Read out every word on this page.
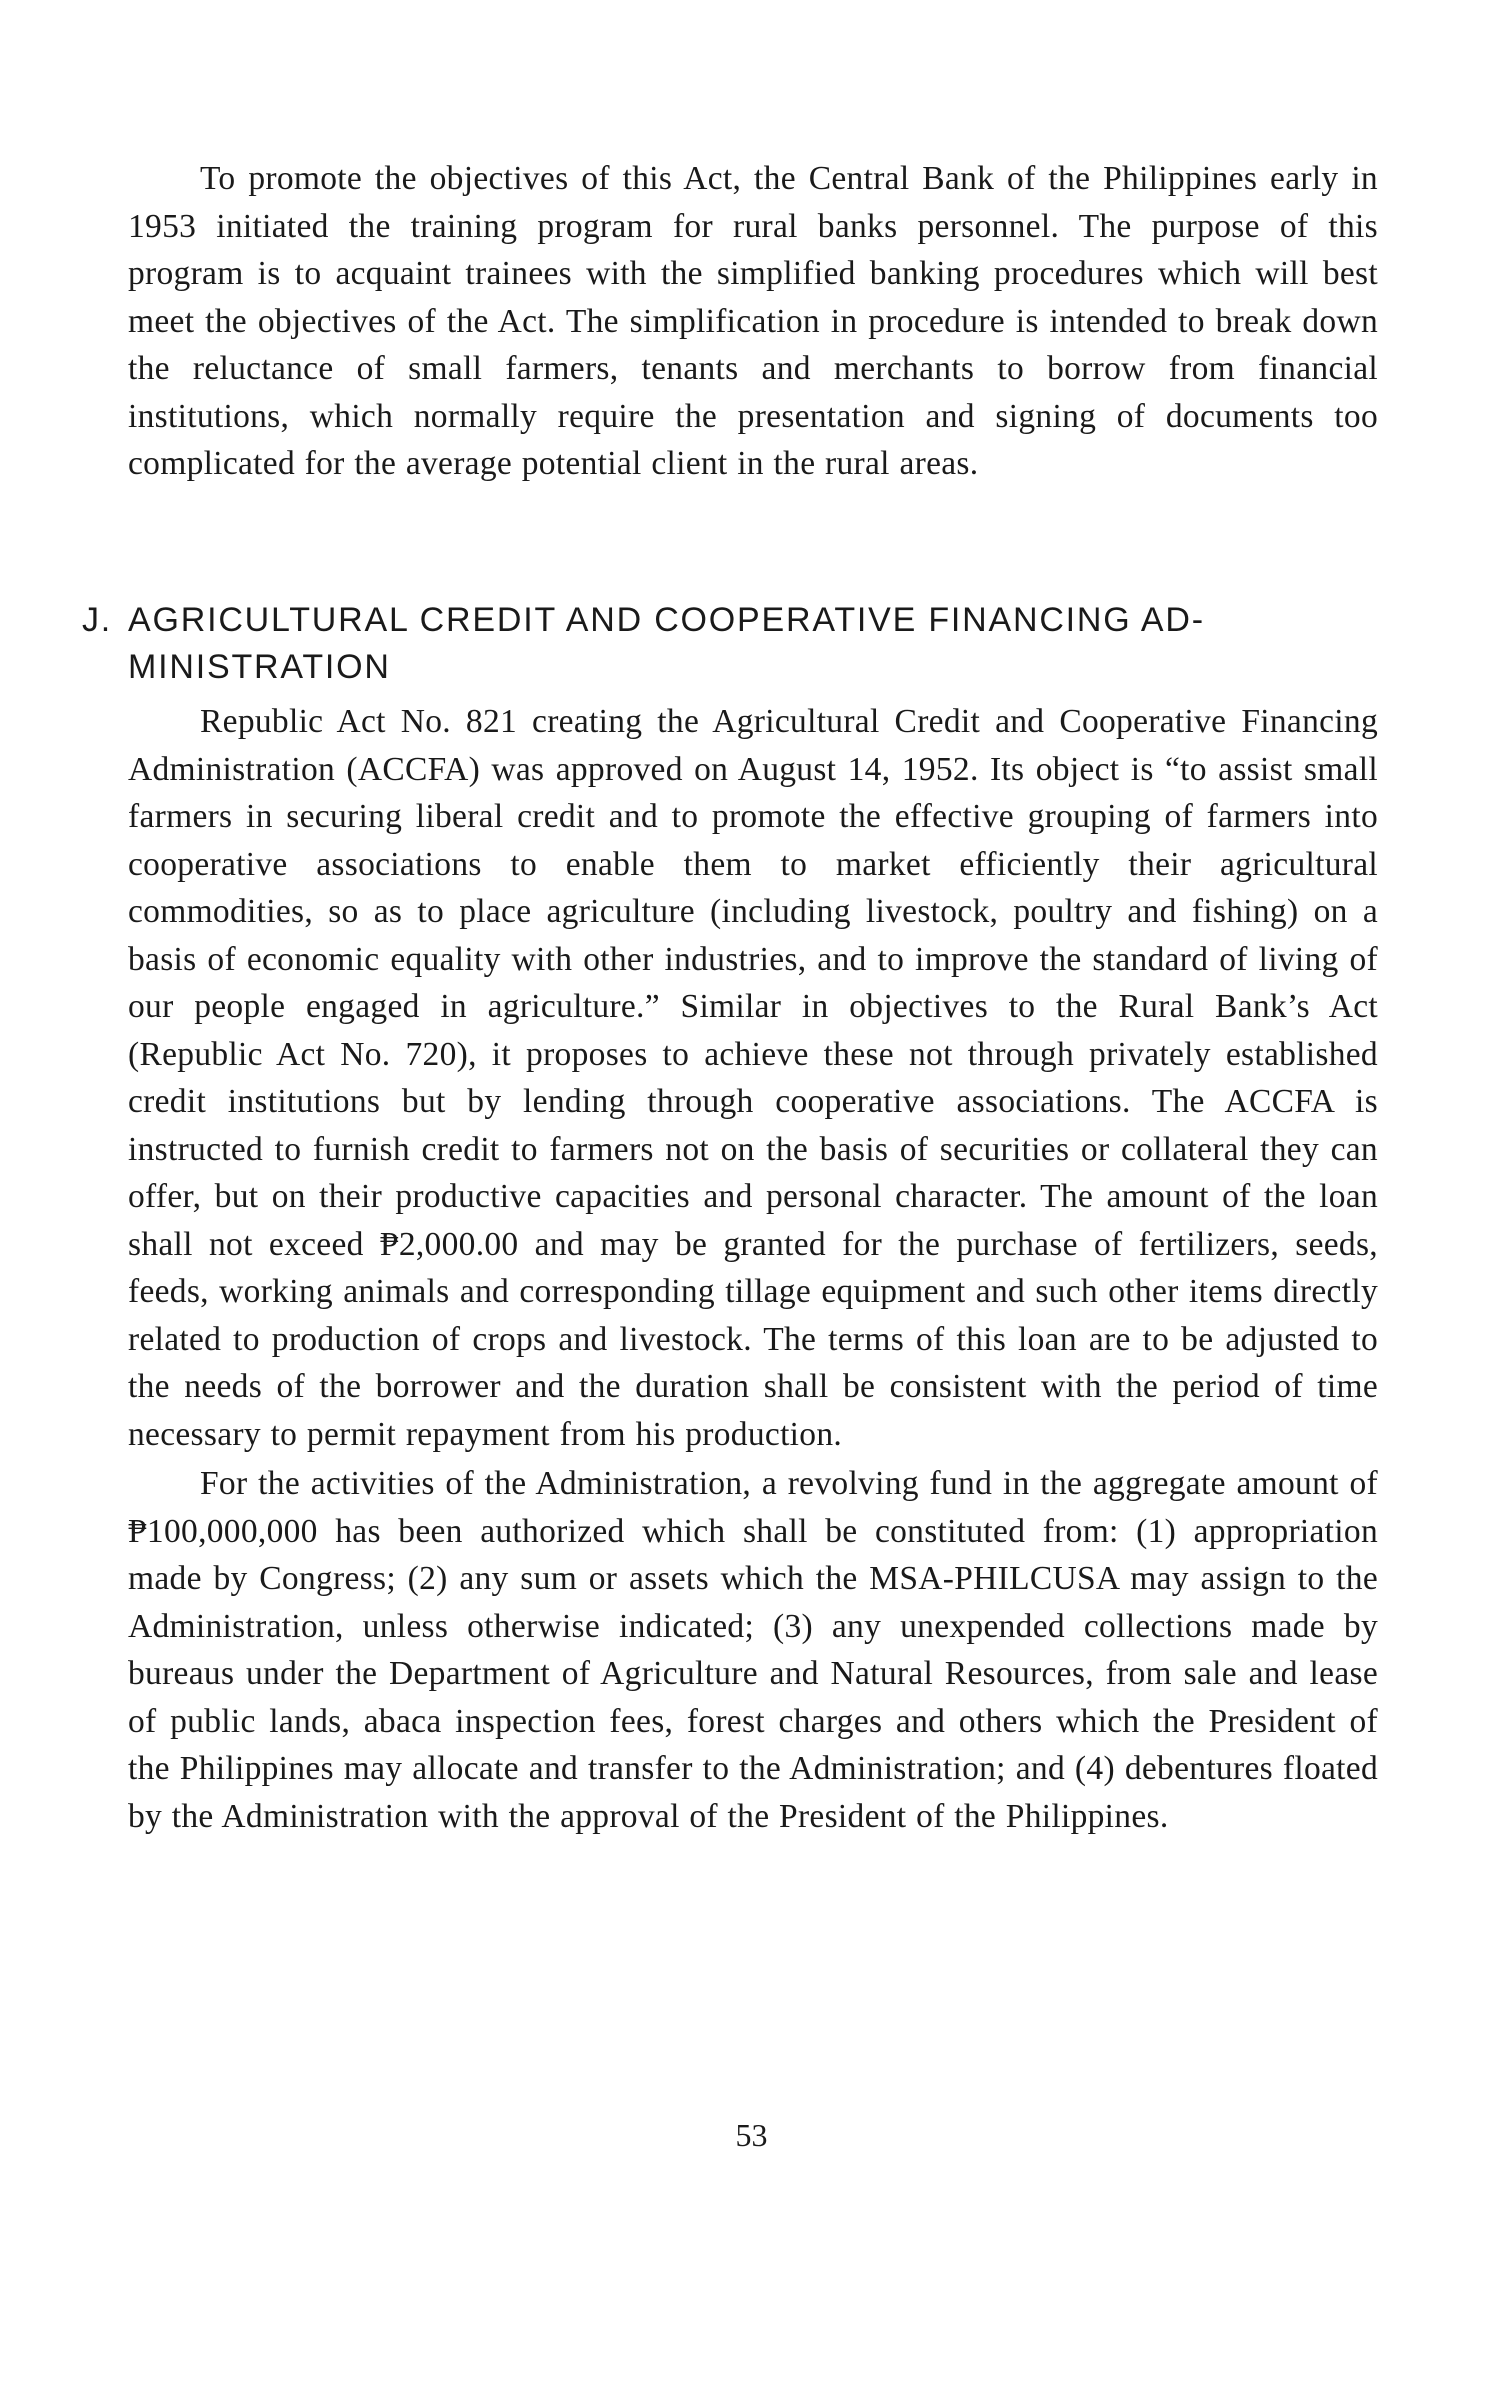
To promote the objectives of this Act, the Central Bank of the Philippines early in 1953 initiated the training program for rural banks personnel. The purpose of this program is to acquaint trainees with the simplified banking procedures which will best meet the objectives of the Act. The simplification in procedure is intended to break down the reluctance of small farmers, tenants and merchants to borrow from financial institutions, which normally require the presentation and signing of documents too complicated for the average potential client in the rural areas.

J. AGRICULTURAL CREDIT AND COOPERATIVE FINANCING AD-
MINISTRATION

Republic Act No. 821 creating the Agricultural Credit and Cooperative Financing Administration (ACCFA) was approved on August 14, 1952. Its object is “to assist small farmers in securing liberal credit and to promote the effective grouping of farmers into cooperative associations to enable them to market efficiently their agricultural commodities, so as to place agriculture (including livestock, poultry and fishing) on a basis of economic equality with other industries, and to improve the standard of living of our people engaged in agriculture.” Similar in objectives to the Rural Bank’s Act (Republic Act No. 720), it proposes to achieve these not through privately established credit institutions but by lending through cooperative associations. The ACCFA is instructed to furnish credit to farmers not on the basis of securities or collateral they can offer, but on their productive capacities and personal character. The amount of the loan shall not exceed ₱2,000.00 and may be granted for the purchase of fertilizers, seeds, feeds, working animals and corresponding tillage equipment and such other items directly related to production of crops and livestock. The terms of this loan are to be adjusted to the needs of the borrower and the duration shall be consistent with the period of time necessary to permit repayment from his production.

For the activities of the Administration, a revolving fund in the aggregate amount of ₱100,000,000 has been authorized which shall be constituted from: (1) appropriation made by Congress; (2) any sum or assets which the MSA-PHILCUSA may assign to the Administration, unless otherwise indicated; (3) any unexpended collections made by bureaus under the Department of Agriculture and Natural Resources, from sale and lease of public lands, abaca inspection fees, forest charges and others which the President of the Philippines may allocate and transfer to the Administration; and (4) debentures floated by the Administration with the approval of the President of the Philippines.

53
